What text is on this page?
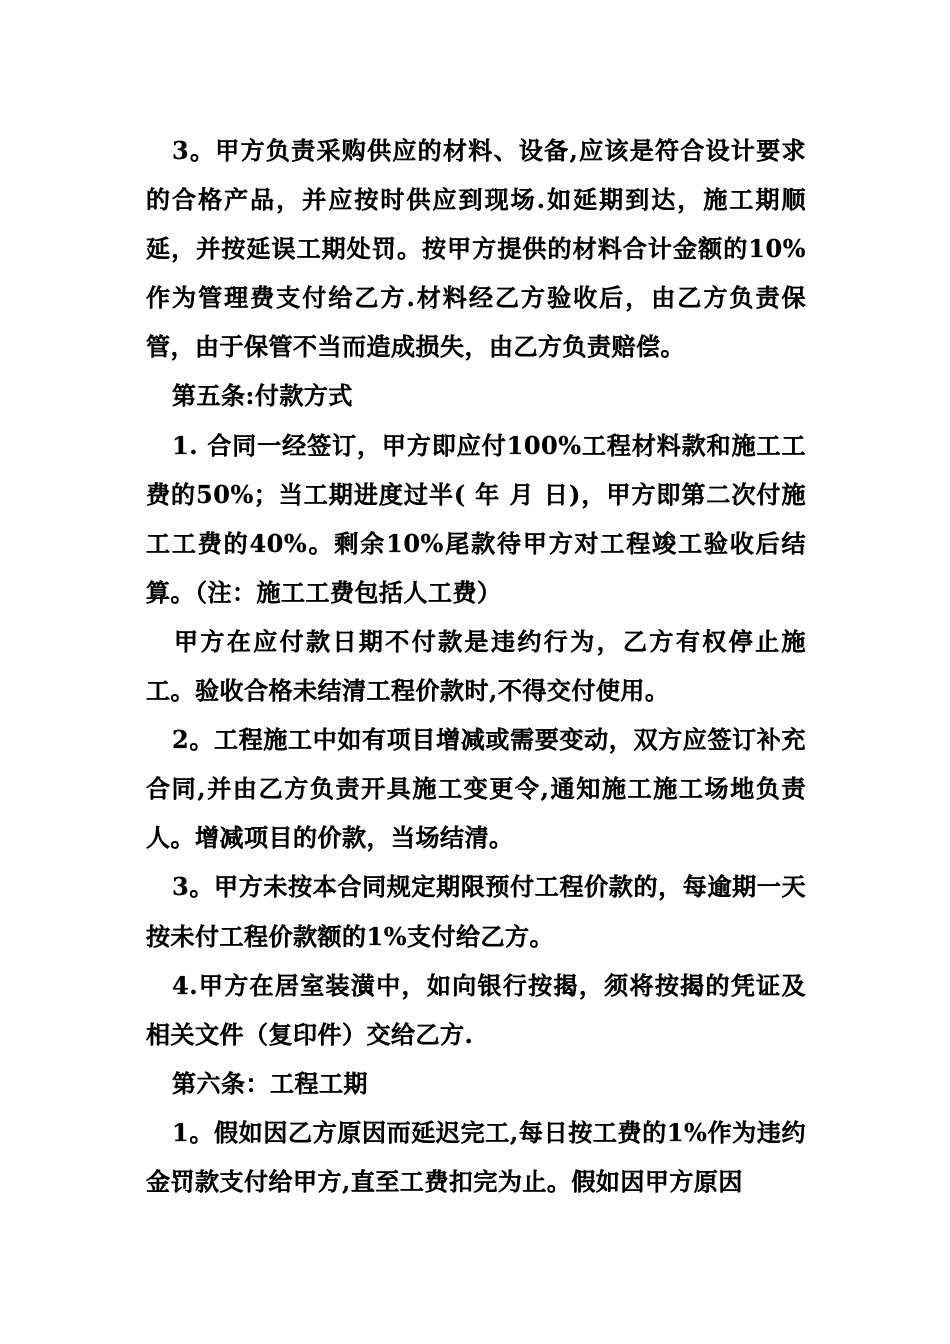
3。甲方负责采购供应的材料、设备,应该是符合设计要求的合格产品，并应按时供应到现场.如延期到达，施工期顺延，并按延误工期处罚。按甲方提供的材料合计金额的10%作为管理费支付给乙方.材料经乙方验收后，由乙方负责保管，由于保管不当而造成损失，由乙方负责赔偿。

第五条:付款方式

1. 合同一经签订，甲方即应付100%工程材料款和施工工费的50%；当工期进度过半( 年 月 日)，甲方即第二次付施工工费的40%。剩余10%尾款待甲方对工程竣工验收后结算。（注：施工工费包括人工费）

甲方在应付款日期不付款是违约行为，乙方有权停止施工。验收合格未结清工程价款时,不得交付使用。

2。工程施工中如有项目增减或需要变动，双方应签订补充合同,并由乙方负责开具施工变更令,通知施工施工场地负责人。增减项目的价款，当场结清。

3。甲方未按本合同规定期限预付工程价款的，每逾期一天按未付工程价款额的1%支付给乙方。

4.甲方在居室装潢中，如向银行按揭，须将按揭的凭证及相关文件（复印件）交给乙方.

第六条：工程工期

1。假如因乙方原因而延迟完工,每日按工费的1%作为违约金罚款支付给甲方,直至工费扣完为止。假如因甲方原因
